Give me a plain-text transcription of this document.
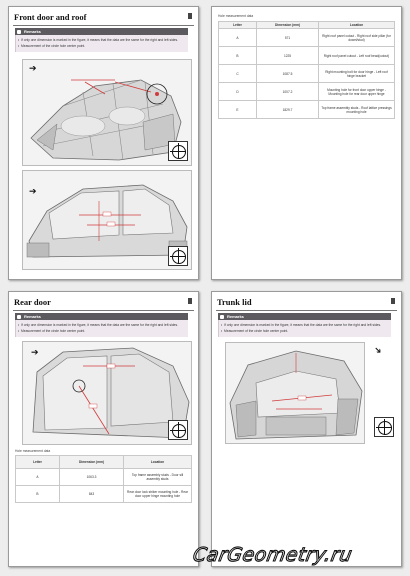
Front door and roof
Remarks
• If only one dimension is marked in the figure, it means that the data are the same for the right and left sides.
• Measurement of the circle hole center point.
➔
➔
Hole measurement data
Letter	Dimension (mm)	Location
A	571	Right roof panel cutout - Right roof side pillar (for dowel/stud)
B	1225	Right roof panel cutout - Left roof bead(cutout)
C	1087.5	Right mounting bolt for door hinge - Left roof hinge bracket
D	1007.2	Mounting hole for front door upper hinge - Mounting hole for rear door upper hinge
E	1829.7	Top frame assembly studs - Roof lattice pressings mounting hole
Rear door
Remarks
• If only one dimension is marked in the figure, it means that the data are the same for the right and left sides.
• Measurement of the circle hole center point.
➔
Hole measurement data
Letter	Dimension (mm)	Location
A	1063.3	Top frame assembly studs - Door sill assembly studs
B	843	Rear door lock striker mounting hole - Rear door upper hinge mounting hole
Trunk lid
Remarks
• If only one dimension is marked in the figure, it means that the data are the same for the right and left sides.
• Measurement of the circle hole center point.
➔
CarGeometry.ru
